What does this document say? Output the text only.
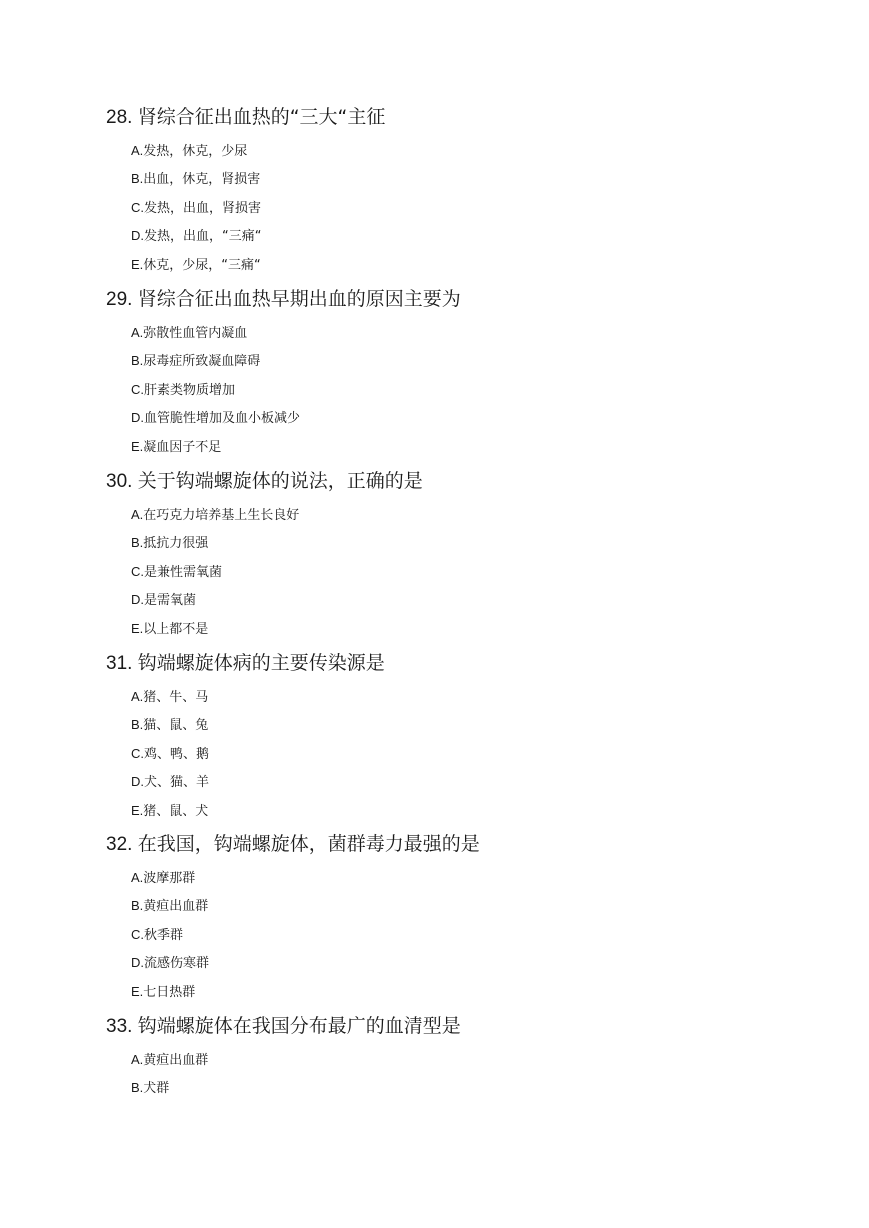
28. 肾综合征出血热的“三大“主征
A.发热，休克，少尿
B.出血，休克，肾损害
C.发热，出血，肾损害
D.发热，出血，“三痛“
E.休克，少尿，“三痛“
29. 肾综合征出血热早期出血的原因主要为
A.弥散性血管内凝血
B.尿毒症所致凝血障碍
C.肝素类物质增加
D.血管脆性增加及血小板减少
E.凝血因子不足
30. 关于钩端螺旋体的说法，正确的是
A.在巧克力培养基上生长良好
B.抵抗力很强
C.是兼性需氧菌
D.是需氧菌
E.以上都不是
31. 钩端螺旋体病的主要传染源是
A.猪、牛、马
B.猫、鼠、兔
C.鸡、鸭、鹅
D.犬、猫、羊
E.猪、鼠、犬
32. 在我国，钩端螺旋体，菌群毒力最强的是
A.波摩那群
B.黄疸出血群
C.秋季群
D.流感伤寒群
E.七日热群
33. 钩端螺旋体在我国分布最广的血清型是
A.黄疸出血群
B.犬群
